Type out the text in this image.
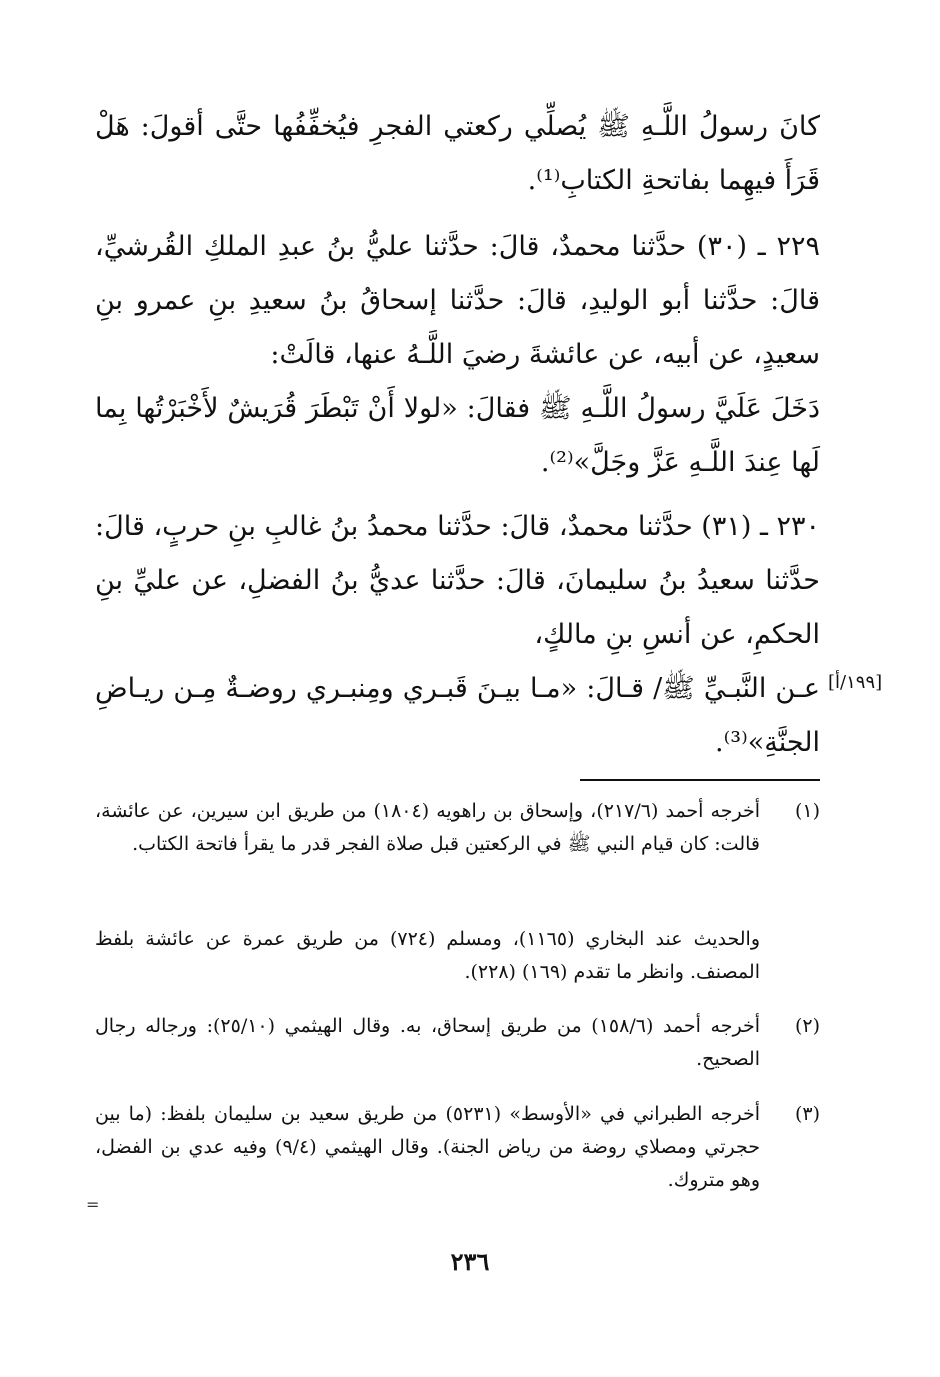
كانَ رسولُ اللَّـهِ ﷺ يُصلِّي ركعتي الفجرِ فيُخفِّفُها حتَّى أقولَ: هَلْ قَرَأَ فيهِما بفاتحةِ الكتابِ⁽¹⁾.

٢٢٩ ـ (٣٠) حدَّثنا محمدٌ، قالَ: حدَّثنا عليُّ بنُ عبدِ الملكِ القُرشيِّ، قالَ: حدَّثنا أبو الوليدِ، قالَ: حدَّثنا إسحاقُ بنُ سعيدِ بنِ عمرو بنِ سعيدٍ، عن أبيه، عن عائشةَ رضيَ اللَّـهُ عنها، قالَتْ:

دَخَلَ عَلَيَّ رسولُ اللَّـهِ ﷺ فقالَ: «لولا أَنْ تَبْطَرَ قُرَيشٌ لأَخْبَرْتُها بِما لَها عِندَ اللَّـهِ عَزَّ وجَلَّ»⁽²⁾.

٢٣٠ ـ (٣١) حدَّثنا محمدٌ، قالَ: حدَّثنا محمدُ بنُ غالبِ بنِ حربٍ، قالَ: حدَّثنا سعيدُ بنُ سليمانَ، قالَ: حدَّثنا عديُّ بنُ الفضلِ، عن عليِّ بنِ الحكمِ، عن أنسِ بنِ مالكٍ،

عـن النَّبـيِّ ﷺ/ قـالَ: «مـا بيـنَ قَبـري ومِنبـري روضـةٌ مِـن ريـاضِ الجنَّةِ»⁽³⁾.

[١٩٩/أ]
(١)
أخرجه أحمد (٢١٧/٦)، وإسحاق بن راهويه (١٨٠٤) من طريق ابن سيرين، عن عائشة، قالت: كان قيام النبي ﷺ في الركعتين قبل صلاة الفجر قدر ما يقرأ فاتحة الكتاب.
والحديث عند البخاري (١١٦٥)، ومسلم (٧٢٤) من طريق عمرة عن عائشة بلفظ المصنف. وانظر ما تقدم (١٦٩) (٢٢٨).
(٢)
أخرجه أحمد (١٥٨/٦) من طريق إسحاق، به. وقال الهيثمي (٢٥/١٠): ورجاله رجال الصحيح.
(٣)
أخرجه الطبراني في «الأوسط» (٥٢٣١) من طريق سعيد بن سليمان بلفظ: (ما بين حجرتي ومصلاي روضة من رياض الجنة). وقال الهيثمي (٩/٤) وفيه عدي بن الفضل، وهو متروك.
=
٢٣٦
